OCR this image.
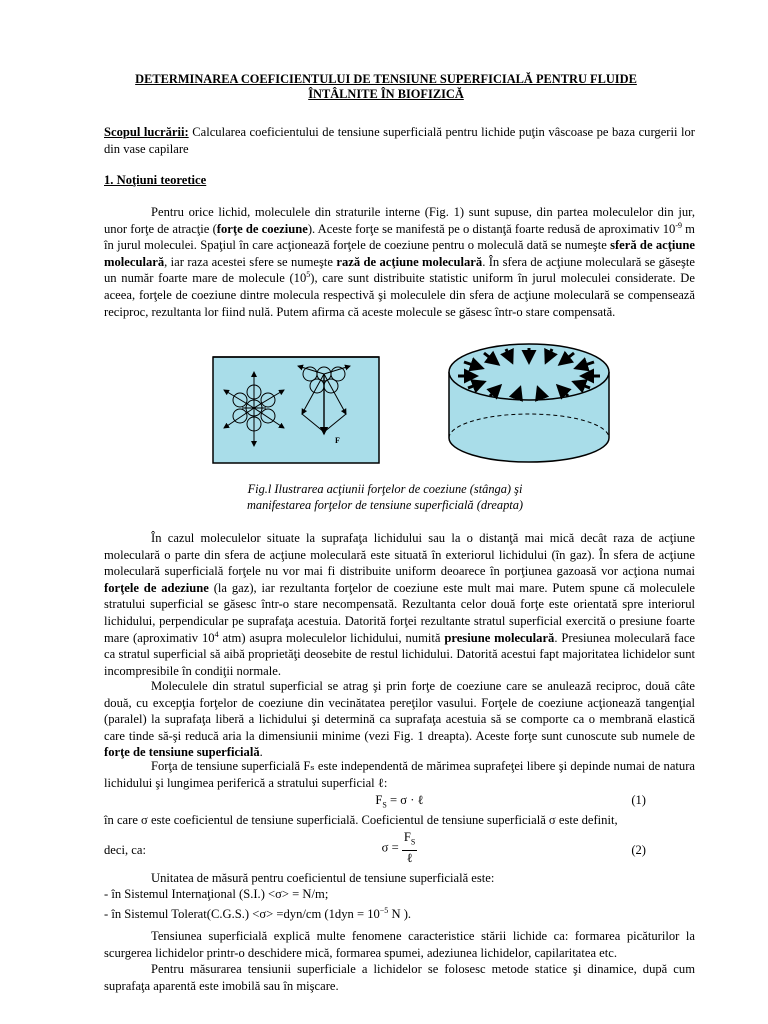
DETERMINAREA COEFICIENTULUI DE TENSIUNE SUPERFICIALĂ PENTRU FLUIDE
ÎNTÂLNITE ÎN BIOFIZICĂ
Scopul lucrării: Calcularea coeficientului de tensiune superficială pentru lichide puţin vâscoase pe baza curgerii lor din vase capilare
1. Noţiuni teoretice
Pentru orice lichid, moleculele din straturile interne (Fig. 1) sunt supuse, din partea moleculelor din jur, unor forţe de atracţie (forţe de coeziune). Aceste forţe se manifestă pe o distanţă foarte redusă de aproximativ $10^{-9}$ m în jurul moleculei. Spaţiul în care acţionează forţele de coeziune pentru o moleculă dată se numeşte sferă de acţiune moleculară, iar raza acestei sfere se numeşte rază de acţiune moleculară. În sfera de acţiune moleculară se găseşte un număr foarte mare de molecule $(10^5)$, care sunt distribuite statistic uniform în jurul moleculei considerate. De aceea, forţele de coeziune dintre molecula respectivă şi moleculele din sfera de acţiune moleculară se compensează reciproc, rezultanta lor fiind nulă. Putem afirma că aceste molecule se găsesc într-o stare compensată.
F
Fig.l Ilustrarea acţiunii forţelor de coeziune (stânga) şi
manifestarea forţelor de tensiune superficială (dreapta)
În cazul moleculelor situate la suprafaţa lichidului sau la o distanţă mai mică decât raza de acţiune moleculară o parte din sfera de acţiune moleculară este situată în exteriorul lichidului (în gaz). În sfera de acţiune moleculară superficială forţele nu vor mai fi distribuite uniform deoarece în porţiunea gazoasă vor acţiona numai forţele de adeziune (la gaz), iar rezultanta forţelor de coeziune este mult mai mare. Putem spune că moleculele stratului superficial se găsesc într-o stare necompensată. Rezultanta celor două forţe este orientată spre interiorul lichidului, perpendicular pe suprafaţa acestuia. Datorită forţei rezultante stratul superficial exercită o presiune foarte mare (aproximativ $10^4$ atm) asupra moleculelor lichidului, numită presiune moleculară. Presiunea moleculară face ca stratul superficial să aibă proprietăţi deosebite de restul lichidului. Datorită acestui fapt majoritatea lichidelor sunt incompresibile în condiţii normale.
Moleculele din stratul superficial se atrag şi prin forţe de coeziune care se anulează reciproc, două câte două, cu excepţia forţelor de coeziune din vecinătatea pereţilor vasului. Forţele de coeziune acţionează tangenţial (paralel) la suprafaţa liberă a lichidului şi determină ca suprafaţa acestuia să se comporte ca o membrană elastică care tinde să-şi reducă aria la dimensiunii minime (vezi Fig. 1 dreapta). Aceste forţe sunt cunoscute sub numele de forţe de tensiune superficială.
Forţa de tensiune superficială Fₛ este independentă de mărimea suprafeţei libere şi depinde numai de natura lichidului şi lungimea periferică a stratului superficial ℓ:
$F_S = \sigma$ · ℓ	(1)
în care σ este coeficientul de tensiune superficială. Coeficientul de tensiune superficială σ este definit,
deci, ca:	$\sigma = \frac{F_S}{\text{ℓ}}$	(2)
Unitatea de măsură pentru coeficientul de tensiune superficială este:
- în Sistemul Internaţional (S.I.) <σ> = N/m;
- în Sistemul Tolerat(C.G.S.) <σ> =dyn/cm ($1dyn = 10^{-5}$ N ).
Tensiunea superficială explică multe fenomene caracteristice stării lichide ca: formarea picăturilor la scurgerea lichidelor printr-o deschidere mică, formarea spumei, adeziunea lichidelor, capilaritatea etc.
Pentru măsurarea tensiunii superficiale a lichidelor se folosesc metode statice şi dinamice, după cum suprafaţa aparentă este imobilă sau în mişcare.
